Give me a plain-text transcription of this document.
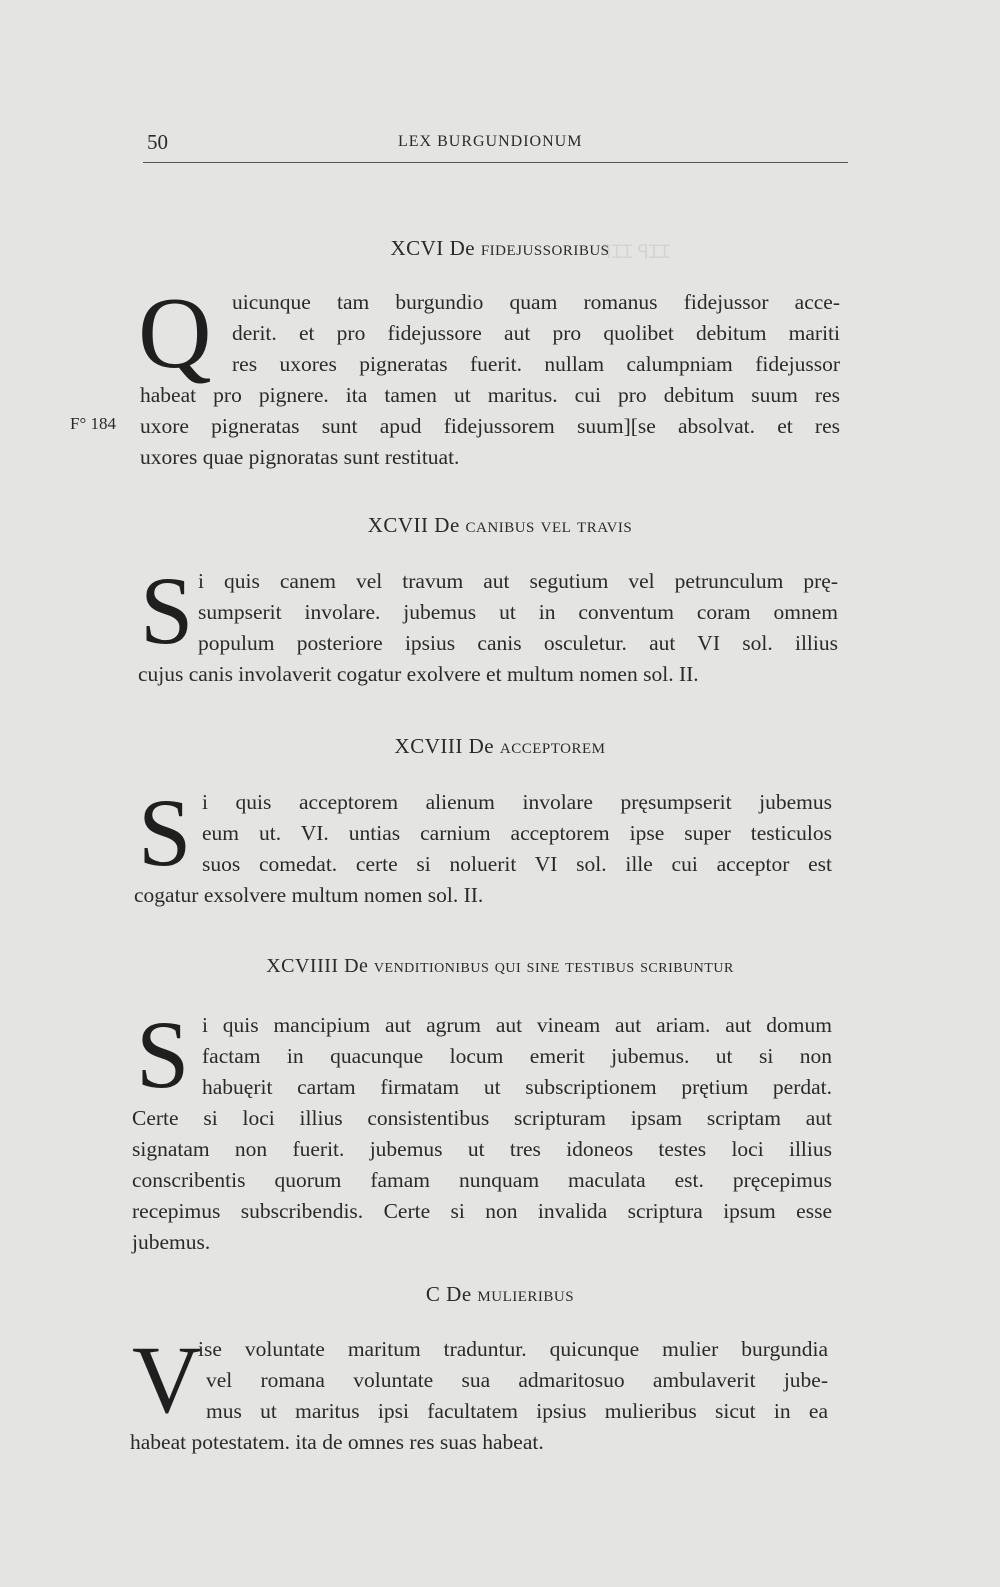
ꟼꞮꞮ ꟼꞮꞮ
50	LEX BURGUNDIONUM
F° 184
XCVI De fidejussoribus
Q uicunque tam burgundio quam romanus fidejussor acce-
derit. et pro fidejussore aut pro quolibet debitum mariti
res uxores pigneratas fuerit. nullam calumpniam fidejussor
habeat pro pignere. ita tamen ut maritus. cui pro debitum suum res
uxore pigneratas sunt apud fidejussorem suum][se absolvat. et res
uxores quae pignoratas sunt restituat.
XCVII De canibus vel travis
S i quis canem vel travum aut segutium vel petrunculum prę-
sumpserit involare. jubemus ut in conventum coram omnem
populum posteriore ipsius canis osculetur. aut VI sol. illius
cujus canis involaverit cogatur exolvere et multum nomen sol. II.
XCVIII De acceptorem
S i quis acceptorem alienum involare pręsumpserit jubemus
eum ut. VI. untias carnium acceptorem ipse super testiculos
suos comedat. certe si noluerit VI sol. ille cui acceptor est
cogatur exsolvere multum nomen sol. II.
XCVIIII De venditionibus qui sine testibus scribuntur
S i quis mancipium aut agrum aut vineam aut ariam. aut domum
factam in quacunque locum emerit jubemus. ut si non
habuęrit cartam firmatam ut subscriptionem prętium perdat.
Certe si loci illius consistentibus scripturam ipsam scriptam aut
signatam non fuerit. jubemus ut tres idoneos testes loci illius
conscribentis quorum famam nunquam maculata est. pręcepimus
recepimus subscribendis. Certe si non invalida scriptura ipsum esse
jubemus.
C De mulieribus
V
ise voluntate maritum traduntur. quicunque mulier burgundia
vel romana voluntate sua admaritosuo ambulaverit jube-
mus ut maritus ipsi facultatem ipsius mulieribus sicut in ea
habeat potestatem. ita de omnes res suas habeat.
